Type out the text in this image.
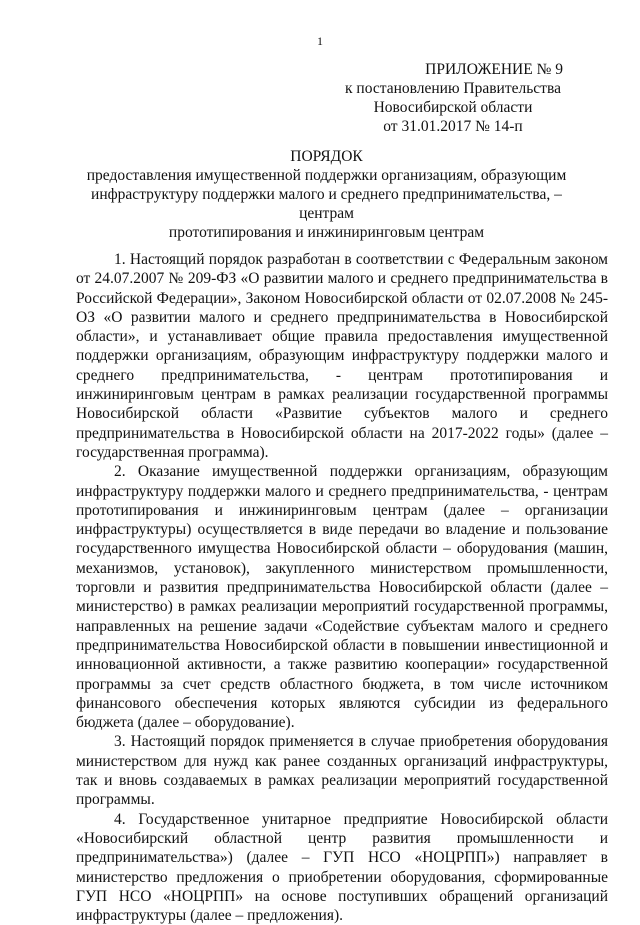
1
ПРИЛОЖЕНИЕ № 9
к постановлению Правительства
Новосибирской области
от 31.01.2017 № 14-п
ПОРЯДОК
предоставления имущественной поддержки организациям, образующим
инфраструктуру поддержки малого и среднего предпринимательства, – центрам
прототипирования и инжиниринговым центрам

1. Настоящий порядок разработан в соответствии с Федеральным законом от 24.07.2007 № 209-ФЗ «О развитии малого и среднего предпринимательства в Российской Федерации», Законом Новосибирской области от 02.07.2008 № 245-ОЗ «О развитии малого и среднего предпринимательства в Новосибирской области», и устанавливает общие правила предоставления имущественной поддержки организациям, образующим инфраструктуру поддержки малого и среднего предпринимательства, - центрам прототипирования и инжиниринговым центрам в рамках реализации государственной программы Новосибирской области «Развитие субъектов малого и среднего предпринимательства в Новосибирской области на 2017-2022 годы» (далее – государственная программа).

2. Оказание имущественной поддержки организациям, образующим инфраструктуру поддержки малого и среднего предпринимательства, - центрам прототипирования и инжиниринговым центрам (далее – организации инфраструктуры) осуществляется в виде передачи во владение и пользование государственного имущества Новосибирской области – оборудования (машин, механизмов, установок), закупленного министерством промышленности, торговли и развития предпринимательства Новосибирской области (далее – министерство) в рамках реализации мероприятий государственной программы, направленных на решение задачи «Содействие субъектам малого и среднего предпринимательства Новосибирской области в повышении инвестиционной и инновационной активности, а также развитию кооперации» государственной программы за счет средств областного бюджета, в том числе источником финансового обеспечения которых являются субсидии из федерального бюджета (далее – оборудование).

3. Настоящий порядок применяется в случае приобретения оборудования министерством для нужд как ранее созданных организаций инфраструктуры, так и вновь создаваемых в рамках реализации мероприятий государственной программы.

4. Государственное унитарное предприятие Новосибирской области «Новосибирский областной центр развития промышленности и предпринимательства») (далее – ГУП НСО «НОЦРПП») направляет в министерство предложения о приобретении оборудования, сформированные ГУП НСО «НОЦРПП» на основе поступивших обращений организаций инфраструктуры (далее – предложения).
